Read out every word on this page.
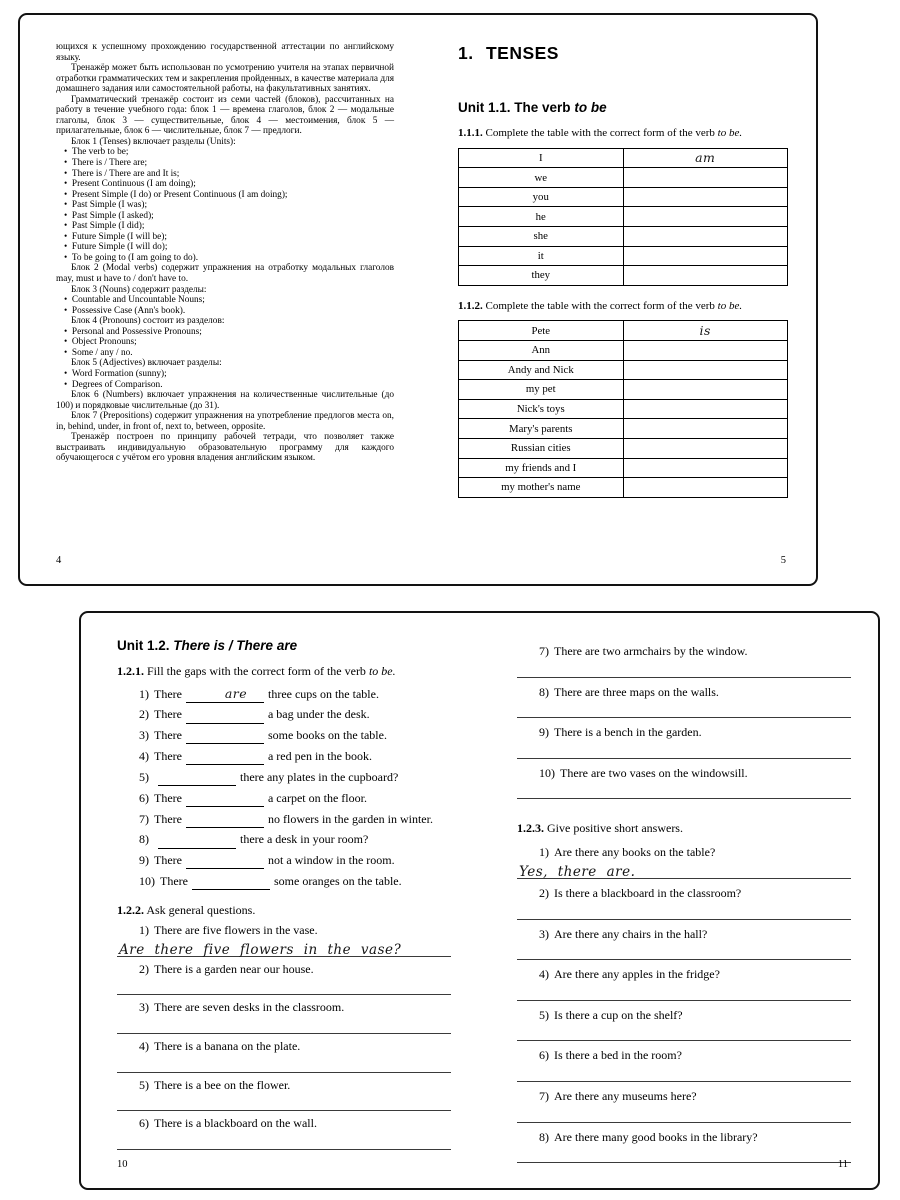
ющихся к успешному прохождению государственной аттестации по английскому языку.
Тренажёр может быть использован по усмотрению учителя на этапах первичной отработки грамматических тем и закрепления пройденных, в качестве материала для домашнего задания или самостоятельной работы, на факультативных занятиях.
Грамматический тренажёр состоит из семи частей (блоков), рассчитанных на работу в течение учебного года: блок 1 — времена глаголов, блок 2 — модальные глаголы, блок 3 — существительные, блок 4 — местоимения, блок 5 — прилагательные, блок 6 — числительные, блок 7 — предлоги.
Блок 1 (Tenses) включает разделы (Units):
• The verb to be;
• There is / There are;
• There is / There are and It is;
• Present Continuous (I am doing);
• Present Simple (I do) or Present Continuous (I am doing);
• Past Simple (I was);
• Past Simple (I asked);
• Past Simple (I did);
• Future Simple (I will be);
• Future Simple (I will do);
• To be going to (I am going to do).
Блок 2 (Modal verbs) содержит упражнения на отработку модальных глаголов may, must и have to / don't have to.
Блок 3 (Nouns) содержит разделы:
• Countable and Uncountable Nouns;
• Possessive Case (Ann's book).
Блок 4 (Pronouns) состоит из разделов:
• Personal and Possessive Pronouns;
• Object Pronouns;
• Some / any / no.
Блок 5 (Adjectives) включает разделы:
• Word Formation (sunny);
• Degrees of Comparison.
Блок 6 (Numbers) включает упражнения на количественные числительные (до 100) и порядковые числительные (до 31).
Блок 7 (Prepositions) содержит упражнения на употребление предлогов места on, in, behind, under, in front of, next to, between, opposite.
Тренажёр построен по принципу рабочей тетради, что позволяет также выстраивать индивидуальную образовательную программу для каждого обучающегося с учётом его уровня владения английским языком.
4
1. TENSES
Unit 1.1. The verb to be

1.1.1. Complete the table with the correct form of the verb to be.

I	am
we	
you	
he	
she	
it	
they	

1.1.2. Complete the table with the correct form of the verb to be.

Pete	is
Ann	
Andy and Nick	
my pet	
Nick's toys	
Mary's parents	
Russian cities	
my friends and I	
my mother's name	
5
Unit 1.2. There is / There are

1.2.1. Fill the gaps with the correct form of the verb to be.

1) There	are ​ three cups on the table.
2) There ​	a bag under the desk.
3) There ​	some books on the table.
4) There ​	a red pen in the book.
5) ​	there any plates in the cupboard?
6) There ​	a carpet on the floor.
7) There ​	no flowers in the garden in winter.
8) ​	there a desk in your room?
9) There ​	not a window in the room.
10) There ​	some oranges on the table.

1.2.2. Ask general questions.

1) There are five flowers in the vase.
Are there five flowers in the vase?
2) There is a garden near our house.
3) There are seven desks in the classroom.
4) There is a banana on the plate.
5) There is a bee on the flower.
6) There is a blackboard on the wall.
10
7) There are two armchairs by the window.
8) There are three maps on the walls.
9) There is a bench in the garden.
10) There are two vases on the windowsill.

1.2.3. Give positive short answers.

1) Are there any books on the table?
Yes, there are.
2) Is there a blackboard in the classroom?
3) Are there any chairs in the hall?
4) Are there any apples in the fridge?
5) Is there a cup on the shelf?
6) Is there a bed in the room?
7) Are there any museums here?
8) Are there many good books in the library?
11
